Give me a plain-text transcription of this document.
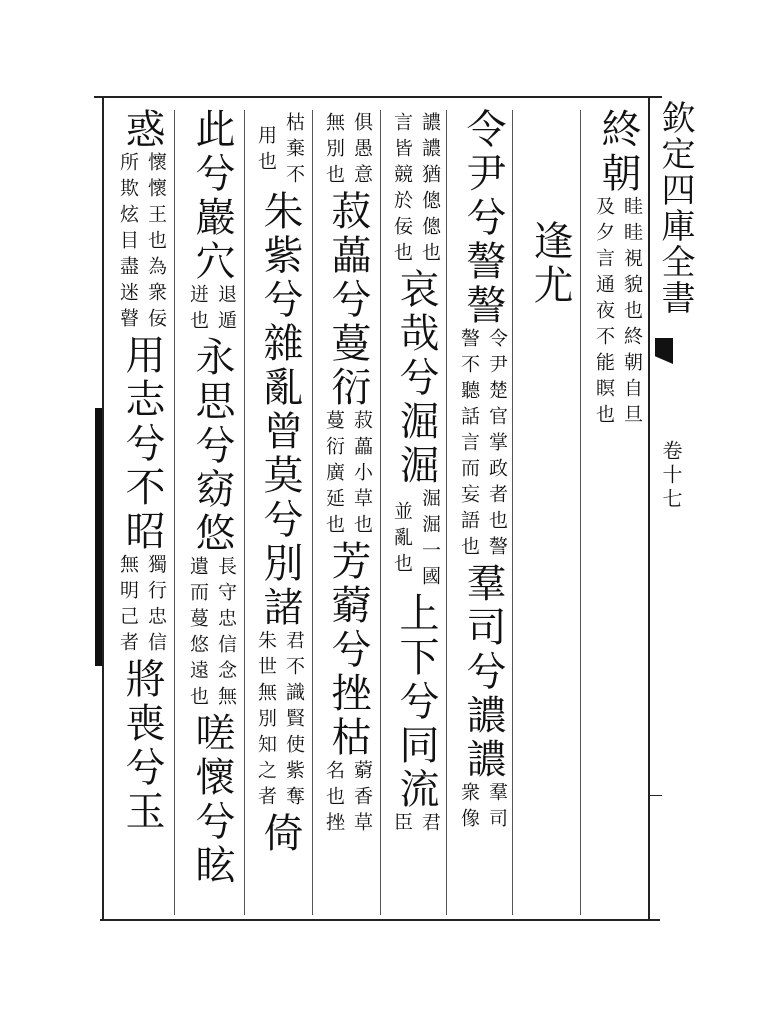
欽定四庫全書
卷十七
終朝
眭眭視貌也終朝自旦
及夕言通夜不能瞑也
逢尤
令尹兮謷謷
令尹楚官掌政者也謷
謷不聽話言而妄語也
羣司兮譨譨
羣司
衆像
譨譨猶傯傯也
言皆競於佞也
哀哉兮淈淈
淈淈一國
並亂也
上下兮同流
君
臣
俱愚意
無別也
菽藟兮蔓衍
菽藟小草也
蔓衍廣延也
芳藭兮挫枯
藭香草
名也挫
枯棄不
用也
朱紫兮雜亂曾莫兮別諸
君不識賢使紫奪
朱世無別知之者
倚
此兮巖穴
退遁
迸也
永思兮窈悠
長守忠信念無
遺而蔓悠遠也
嗟懷兮眩
惑
懷懷王也為衆佞
所欺炫目盡迷瞽
用志兮不昭
獨行忠信
無明己者
將喪兮玉
